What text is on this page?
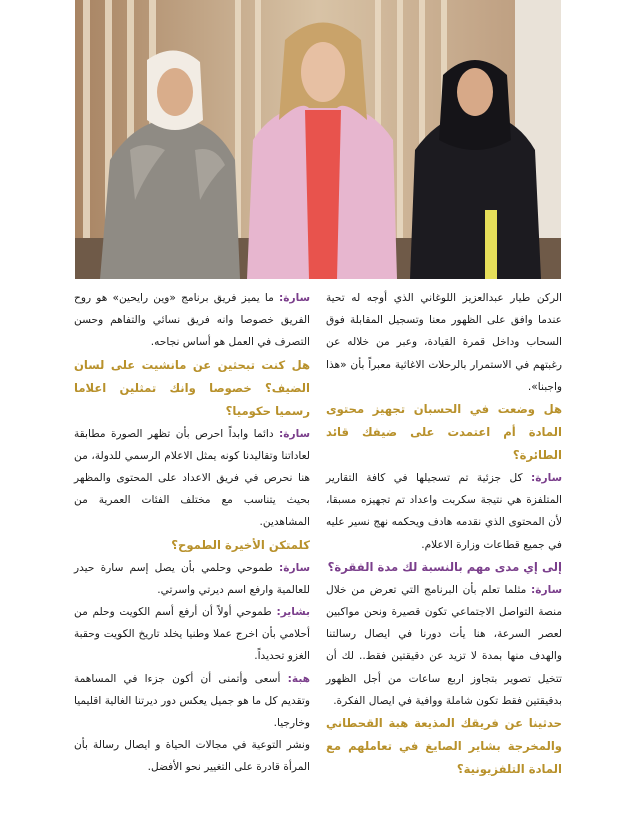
الركن طيار عبدالعزيز اللوغاني الذي أوجه له تحية عندما وافق على الظهور معنا وتسجيل المقابلة فوق السحاب وداخل قمرة القيادة، وعبر من خلاله عن رغبتهم في الاستمرار بالرحلات الاغاثية معبراً بأن «هذا واجبنا».

هل وضعت في الحسبان تجهيز محتوى المادة أم اعتمدت على ضيفك قائد الطائرة؟

سارة: كل جزئية تم تسجيلها في كافة التقارير المتلفزة هي نتيجة سكربت واعداد تم تجهيزه مسبقا، لأن المحتوى الذي نقدمه هادف ويحكمه نهج نسير عليه في جميع قطاعات وزارة الاعلام.

إلى إي مدى مهم بالنسبة لك مدة الفقرة؟

سارة: مثلما تعلم بأن البرنامج التي تعرض من خلال منصة التواصل الاجتماعي تكون قصيرة ونحن مواكبين لعصر السرعة، هنا يأت دورنا في ايصال رسالتنا والهدف منها بمدة لا تزيد عن دقيقتين فقط.. لك أن تتخيل تصوير بتجاوز اربع ساعات من أجل الظهور بدقيقتين فقط تكون شاملة ووافية في ايصال الفكرة.

حدثينا عن فريقك المذيعة هبة القحطاني والمخرجة بشاير الصايغ في تعاملهم مع المادة التلفزيونية؟

سارة: ما يميز فريق برنامج «وين رايحين» هو روح الفريق خصوصا وانه فريق نسائي والتفاهم وحسن التصرف في العمل هو أساس نجاحه.

هل كنت تبحثين عن مانشيت على لسان الضيف؟ خصوصا وانك تمثلين اعلاما رسميا حكوميا؟

سارة: دائما وابداً احرص بأن تظهر الصورة مطابقة لعاداتنا وتقاليدنا كونه يمثل الاعلام الرسمي للدولة، من هنا نحرص في فريق الاعداد على المحتوى والمظهر بحيث يتناسب مع مختلف الفئات العمرية من المشاهدين.

كلمتكن الأخيرة الطموح؟

سارة: طموحي وحلمي بأن يصل إسم سارة حيدر للعالمية وارفع اسم ديرتي واسرتي.

بشاير: طموحي أولاً أن أرفع أسم الكويت وحلم من أحلامي بأن اخرج عملا وطنيا يخلد تاريخ الكويت وحقبة الغزو تحديداً.

هبة: أسعى وأتمنى أن أكون جزءا في المساهمة وتقديم كل ما هو جميل يعكس دور ديرتنا الغالية اقليميا وخارجيا.

ونشر التوعية في مجالات الحياة و ايصال رسالة بأن المرأة قادرة على التغيير نحو الأفضل.
